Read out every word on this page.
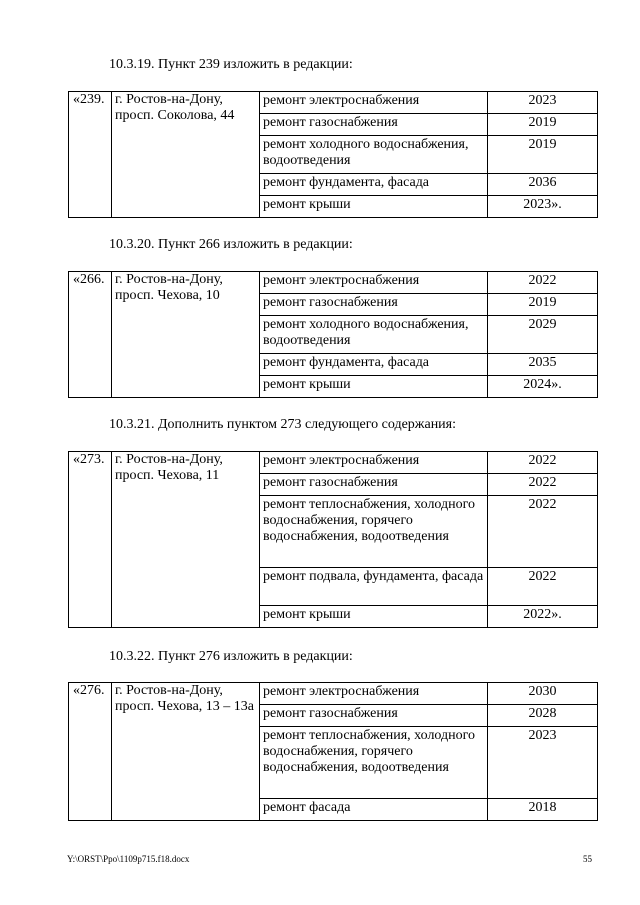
10.3.19. Пункт 239 изложить в редакции:
«239.	г. Ростов-на-Дону, просп. Соколова, 44	ремонт электроснабжения	2023
		ремонт газоснабжения	2019
		ремонт холодного водоснабжения, водоотведения	2019
		ремонт фундамента, фасада	2036
		ремонт крыши	2023».
10.3.20. Пункт 266 изложить в редакции:
«266.	г. Ростов-на-Дону, просп. Чехова, 10	ремонт электроснабжения	2022
		ремонт газоснабжения	2019
		ремонт холодного водоснабжения, водоотведения	2029
		ремонт фундамента, фасада	2035
		ремонт крыши	2024».
10.3.21. Дополнить пунктом 273 следующего содержания:
«273.	г. Ростов-на-Дону, просп. Чехова, 11	ремонт электроснабжения	2022
		ремонт газоснабжения	2022
		ремонт теплоснабжения, холодного водоснабжения, горячего водоснабжения, водоотведения	2022
		ремонт подвала, фундамента, фасада	2022
		ремонт крыши	2022».
10.3.22. Пункт 276 изложить в редакции:
«276.	г. Ростов-на-Дону, просп. Чехова, 13 – 13а	ремонт электроснабжения	2030
		ремонт газоснабжения	2028
		ремонт теплоснабжения, холодного водоснабжения, горячего водоснабжения, водоотведения	2023
		ремонт фасада	2018
Y:\ORST\Ppo\1109p715.f18.docx	55
